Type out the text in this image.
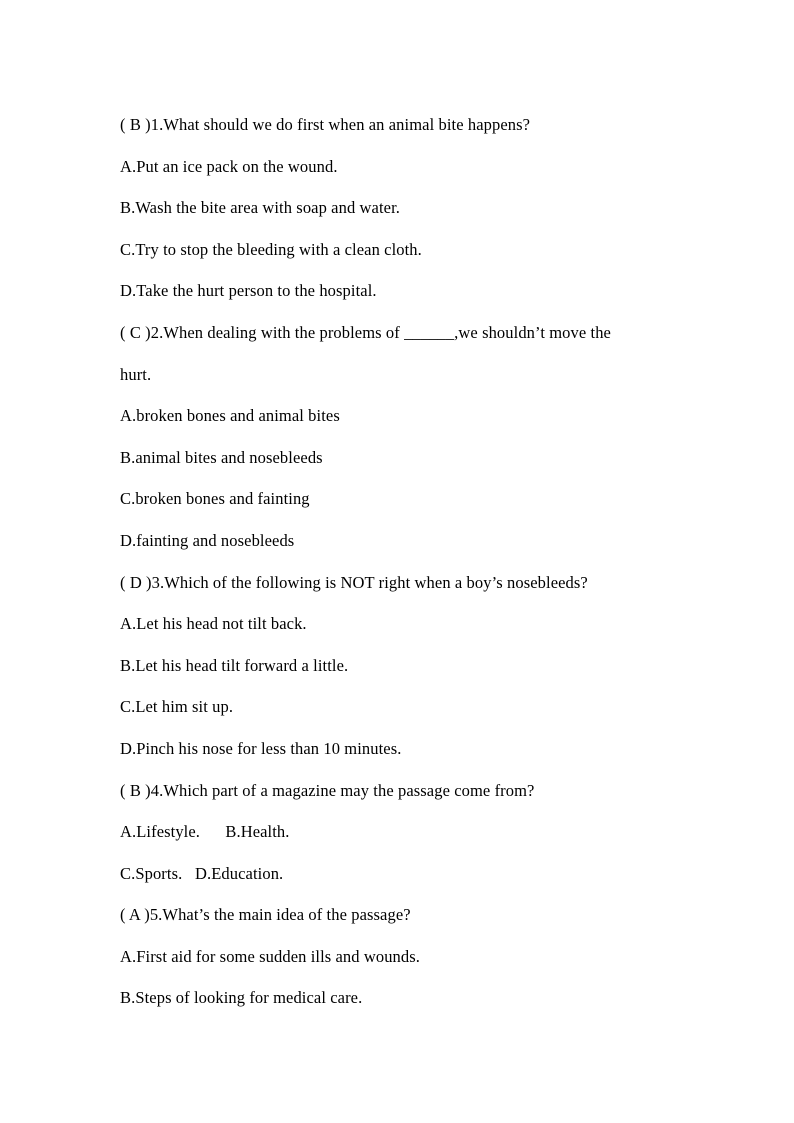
( B )1.What should we do first when an animal bite happens?
A.Put an ice pack on the wound.
B.Wash the bite area with soap and water.
C.Try to stop the bleeding with a clean cloth.
D.Take the hurt person to the hospital.
( C )2.When dealing with the problems of ______,we shouldn’t move the
hurt.
A.broken bones and animal bites
B.animal bites and nosebleeds
C.broken bones and fainting
D.fainting and nosebleeds
( D )3.Which of the following is NOT right when a boy’s nosebleeds?
A.Let his head not tilt back.
B.Let his head tilt forward a little.
C.Let him sit up.
D.Pinch his nose for less than 10 minutes.
( B )4.Which part of a magazine may the passage come from?
A.Lifestyle.      B.Health.
C.Sports.   D.Education.
( A )5.What’s the main idea of the passage?
A.First aid for some sudden ills and wounds.
B.Steps of looking for medical care.
